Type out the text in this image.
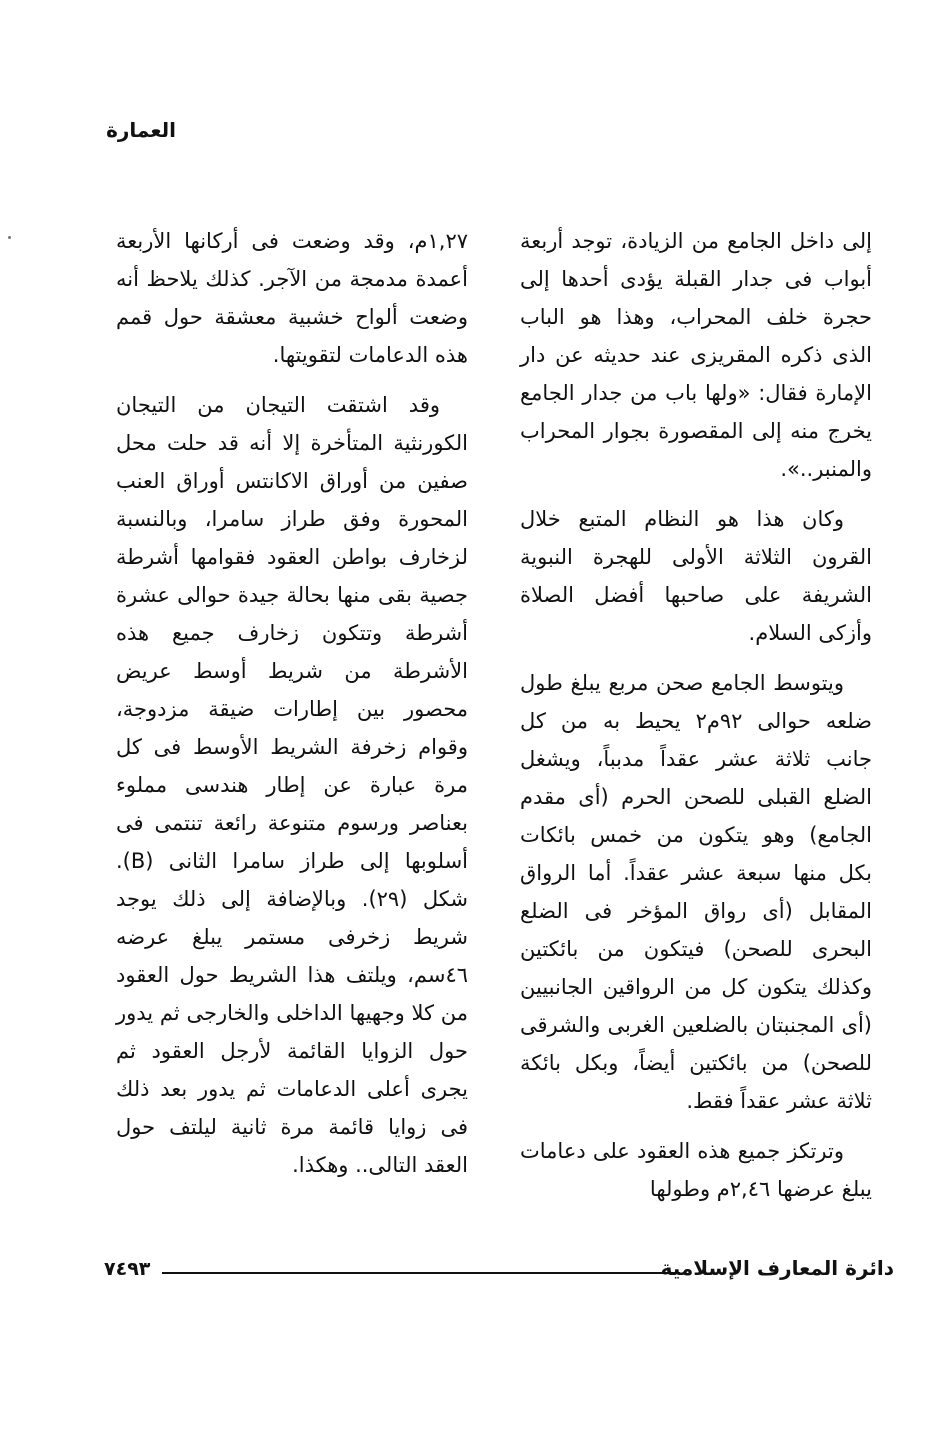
العمارة

إلى داخل الجامع من الزيادة، توجد أربعة أبواب فى جدار القبلة يؤدى أحدها إلى حجرة خلف المحراب، وهذا هو الباب الذى ذكره المقريزى عند حديثه عن دار الإمارة فقال: «ولها باب من جدار الجامع يخرج منه إلى المقصورة بجوار المحراب والمنبر..».

وكان هذا هو النظام المتبع خلال القرون الثلاثة الأولى للهجرة النبوية الشريفة على صاحبها أفضل الصلاة وأزكى السلام.

ويتوسط الجامع صحن مربع يبلغ طول ضلعه حوالى ٩٢م٢ يحيط به من كل جانب ثلاثة عشر عقداً مدبباً، ويشغل الضلع القبلى للصحن الحرم (أى مقدم الجامع) وهو يتكون من خمس بائكات بكل منها سبعة عشر عقداً. أما الرواق المقابل (أى رواق المؤخر فى الضلع البحرى للصحن) فيتكون من بائكتين وكذلك يتكون كل من الرواقين الجانبيين (أى المجنبتان بالضلعين الغربى والشرقى للصحن) من بائكتين أيضاً، وبكل بائكة ثلاثة عشر عقداً فقط.

وترتكز جميع هذه العقود على دعامات يبلغ عرضها ٢,٤٦م وطولها

١,٢٧م، وقد وضعت فى أركانها الأربعة أعمدة مدمجة من الآجر. كذلك يلاحظ أنه وضعت ألواح خشبية معشقة حول قمم هذه الدعامات لتقويتها.

وقد اشتقت التيجان من التيجان الكورنثية المتأخرة إلا أنه قد حلت محل صفين من أوراق الاكانتس أوراق العنب المحورة وفق طراز سامرا، وبالنسبة لزخارف بواطن العقود فقوامها أشرطة جصية بقى منها بحالة جيدة حوالى عشرة أشرطة وتتكون زخارف جميع هذه الأشرطة من شريط أوسط عريض محصور بين إطارات ضيقة مزدوجة، وقوام زخرفة الشريط الأوسط فى كل مرة عبارة عن إطار هندسى مملوء بعناصر ورسوم متنوعة رائعة تنتمى فى أسلوبها إلى طراز سامرا الثانى (B). شكل (٢٩). وبالإضافة إلى ذلك يوجد شريط زخرفى مستمر يبلغ عرضه ٤٦سم، ويلتف هذا الشريط حول العقود من كلا وجهيها الداخلى والخارجى ثم يدور حول الزوايا القائمة لأرجل العقود ثم يجرى أعلى الدعامات ثم يدور بعد ذلك فى زوايا قائمة مرة ثانية ليلتف حول العقد التالى.. وهكذا.

٧٤٩٣	دائرة المعارف الإسلامية
